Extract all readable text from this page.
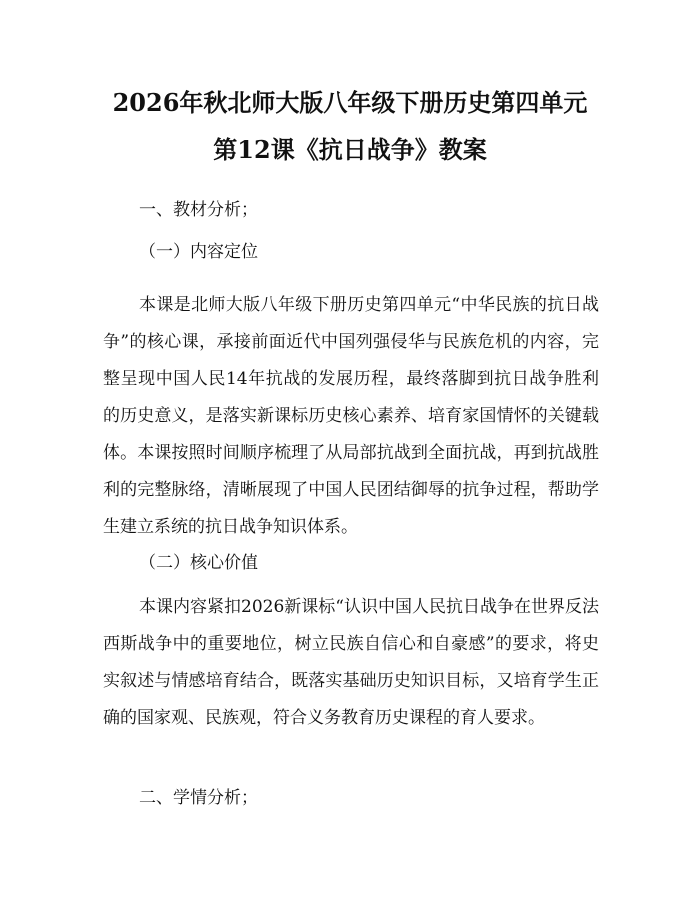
2026年秋北师大版八年级下册历史第四单元
第12课《抗日战争》教案
一、教材分析；
（一）内容定位
本课是北师大版八年级下册历史第四单元“中华民族的抗日战争”的核心课，承接前面近代中国列强侵华与民族危机的内容，完整呈现中国人民14年抗战的发展历程，最终落脚到抗日战争胜利的历史意义，是落实新课标历史核心素养、培育家国情怀的关键载体。本课按照时间顺序梳理了从局部抗战到全面抗战，再到抗战胜利的完整脉络，清晰展现了中国人民团结御辱的抗争过程，帮助学生建立系统的抗日战争知识体系。
（二）核心价值
本课内容紧扣2026新课标“认识中国人民抗日战争在世界反法西斯战争中的重要地位，树立民族自信心和自豪感”的要求，将史实叙述与情感培育结合，既落实基础历史知识目标，又培育学生正确的国家观、民族观，符合义务教育历史课程的育人要求。
二、学情分析；
